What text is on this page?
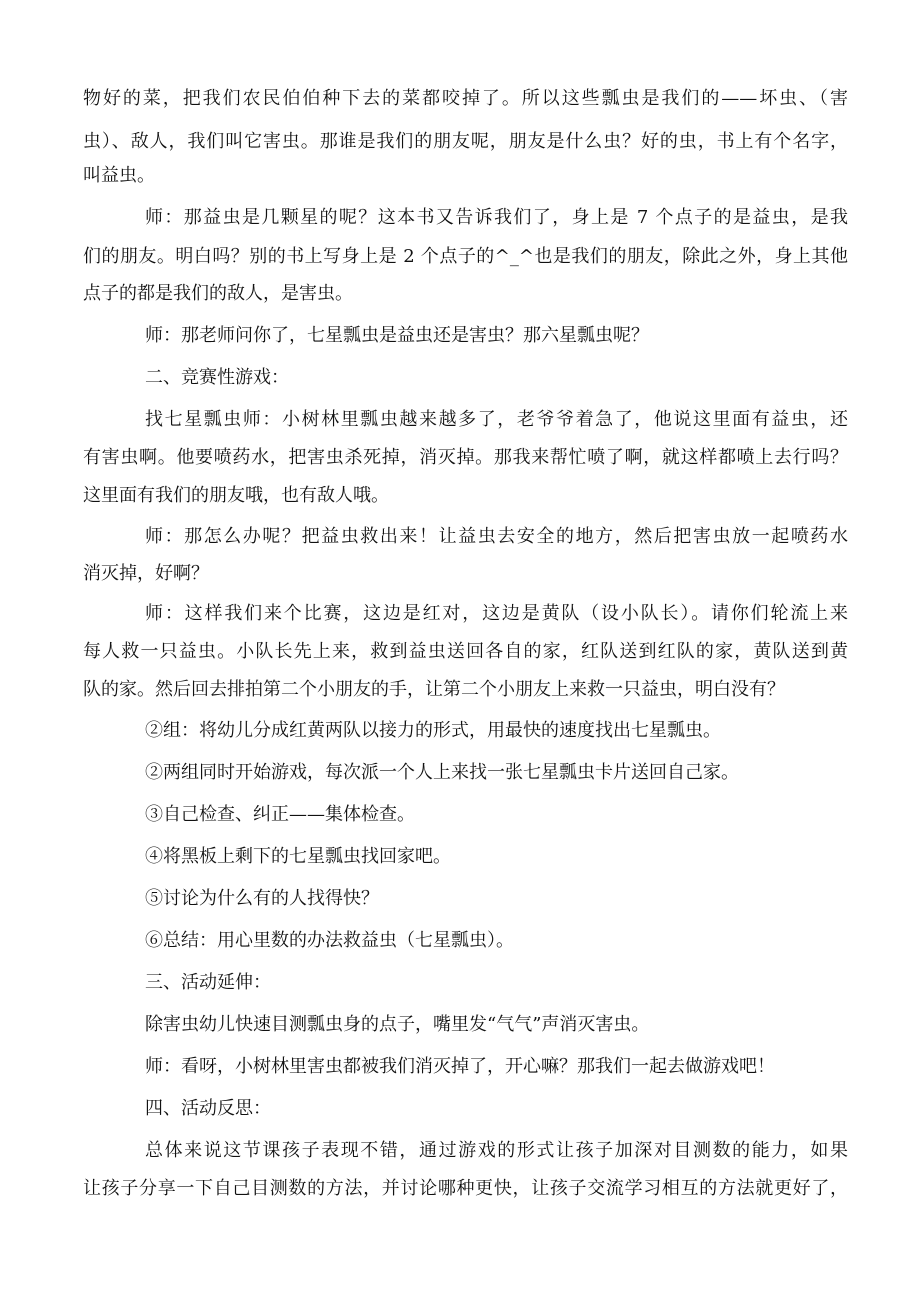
物好的菜，把我们农民伯伯种下去的菜都咬掉了。所以这些瓢虫是我们的——坏虫、（害
虫）、敌人，我们叫它害虫。那谁是我们的朋友呢，朋友是什么虫？好的虫，书上有个名字，
叫益虫。
师：那益虫是几颗星的呢？这本书又告诉我们了，身上是 7 个点子的是益虫，是我
们的朋友。明白吗？别的书上写身上是 2 个点子的^_^也是我们的朋友，除此之外，身上其他
点子的都是我们的敌人，是害虫。
师：那老师问你了，七星瓢虫是益虫还是害虫？那六星瓢虫呢？
二、竞赛性游戏：
找七星瓢虫师：小树林里瓢虫越来越多了，老爷爷着急了，他说这里面有益虫，还
有害虫啊。他要喷药水，把害虫杀死掉，消灭掉。那我来帮忙喷了啊，就这样都喷上去行吗？
这里面有我们的朋友哦，也有敌人哦。
师：那怎么办呢？把益虫救出来！让益虫去安全的地方，然后把害虫放一起喷药水
消灭掉，好啊？
师：这样我们来个比赛，这边是红对，这边是黄队（设小队长）。请你们轮流上来
每人救一只益虫。小队长先上来，救到益虫送回各自的家，红队送到红队的家，黄队送到黄
队的家。然后回去排拍第二个小朋友的手，让第二个小朋友上来救一只益虫，明白没有？
②组：将幼儿分成红黄两队以接力的形式，用最快的速度找出七星瓢虫。
②两组同时开始游戏，每次派一个人上来找一张七星瓢虫卡片送回自己家。
③自己检查、纠正——集体检查。
④将黑板上剩下的七星瓢虫找回家吧。
⑤讨论为什么有的人找得快？
⑥总结：用心里数的办法救益虫（七星瓢虫）。
三、活动延伸：
除害虫幼儿快速目测瓢虫身的点子，嘴里发“气气”声消灭害虫。
师：看呀，小树林里害虫都被我们消灭掉了，开心嘛？那我们一起去做游戏吧！
四、活动反思：
总体来说这节课孩子表现不错，通过游戏的形式让孩子加深对目测数的能力，如果
让孩子分享一下自己目测数的方法，并讨论哪种更快，让孩子交流学习相互的方法就更好了，
